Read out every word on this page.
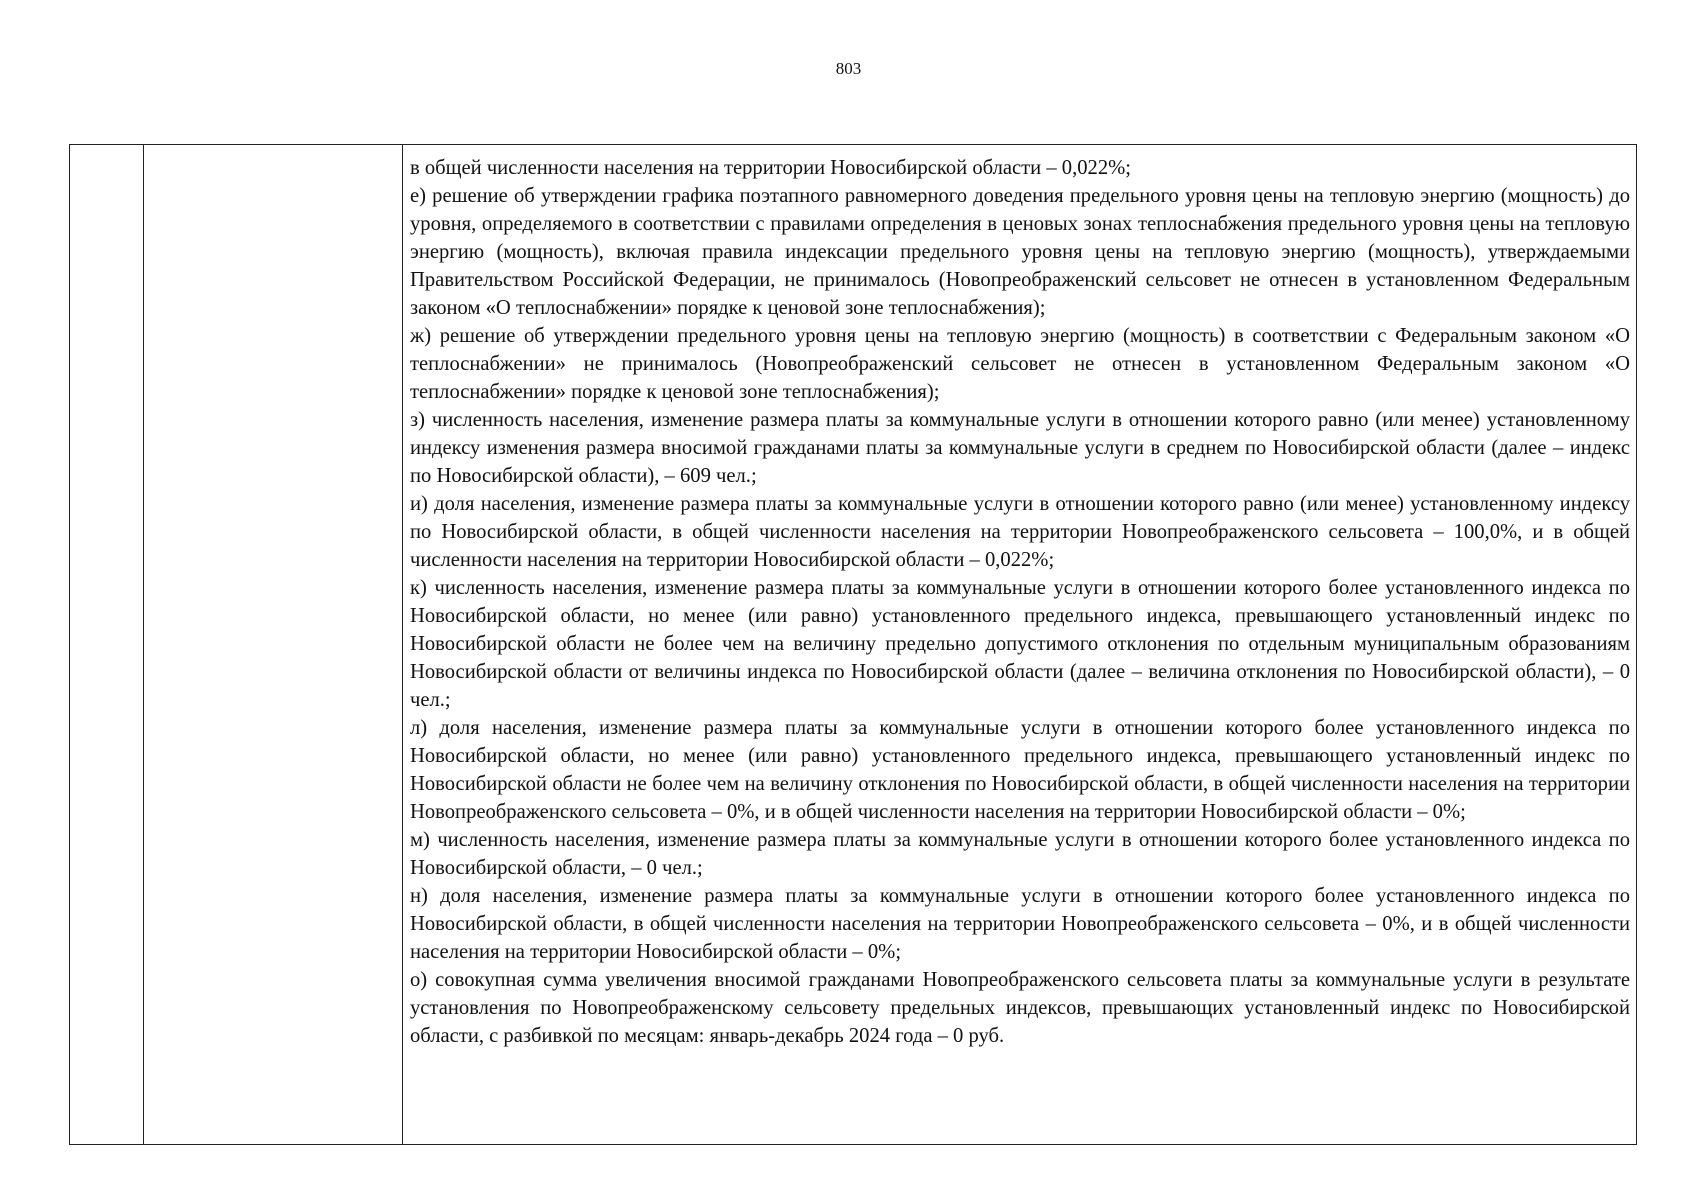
803

в общей численности населения на территории Новосибирской области – 0,022%;

е) решение об утверждении графика поэтапного равномерного доведения предельного уровня цены на тепловую энергию (мощность) до уровня, определяемого в соответствии с правилами определения в ценовых зонах теплоснабжения предельного уровня цены на тепловую энергию (мощность), включая правила индексации предельного уровня цены на тепловую энергию (мощность), утверждаемыми Правительством Российской Федерации, не принималось (Новопреображенский сельсовет не отнесен в установленном Федеральным законом «О теплоснабжении» порядке к ценовой зоне теплоснабжения);

ж) решение об утверждении предельного уровня цены на тепловую энергию (мощность) в соответствии с Федеральным законом «О теплоснабжении» не принималось (Новопреображенский сельсовет не отнесен в установленном Федеральным законом «О теплоснабжении» порядке к ценовой зоне теплоснабжения);

з) численность населения, изменение размера платы за коммунальные услуги в отношении которого равно (или менее) установленному индексу изменения размера вносимой гражданами платы за коммунальные услуги в среднем по Новосибирской области (далее – индекс по Новосибирской области), – 609 чел.;

и) доля населения, изменение размера платы за коммунальные услуги в отношении которого равно (или менее) установленному индексу по Новосибирской области, в общей численности населения на территории Новопреображенского сельсовета – 100,0%, и в общей численности населения на территории Новосибирской области – 0,022%;

к) численность населения, изменение размера платы за коммунальные услуги в отношении которого более установленного индекса по Новосибирской области, но менее (или равно) установленного предельного индекса, превышающего установленный индекс по Новосибирской области не более чем на величину предельно допустимого отклонения по отдельным муниципальным образованиям Новосибирской области от величины индекса по Новосибирской области (далее – величина отклонения по Новосибирской области), – 0 чел.;

л) доля населения, изменение размера платы за коммунальные услуги в отношении которого более установленного индекса по Новосибирской области, но менее (или равно) установленного предельного индекса, превышающего установленный индекс по Новосибирской области не более чем на величину отклонения по Новосибирской области, в общей численности населения на территории Новопреображенского сельсовета – 0%, и в общей численности населения на территории Новосибирской области – 0%;

м) численность населения, изменение размера платы за коммунальные услуги в отношении которого более установленного индекса по Новосибирской области, – 0 чел.;

н) доля населения, изменение размера платы за коммунальные услуги в отношении которого более установленного индекса по Новосибирской области, в общей численности населения на территории Новопреображенского сельсовета – 0%, и в общей численности населения на территории Новосибирской области – 0%;

о) совокупная сумма увеличения вносимой гражданами Новопреображенского сельсовета платы за коммунальные услуги в результате установления по Новопреображенскому сельсовету предельных индексов, превышающих установленный индекс по Новосибирской области, с разбивкой по месяцам: январь-декабрь 2024 года – 0 руб.
